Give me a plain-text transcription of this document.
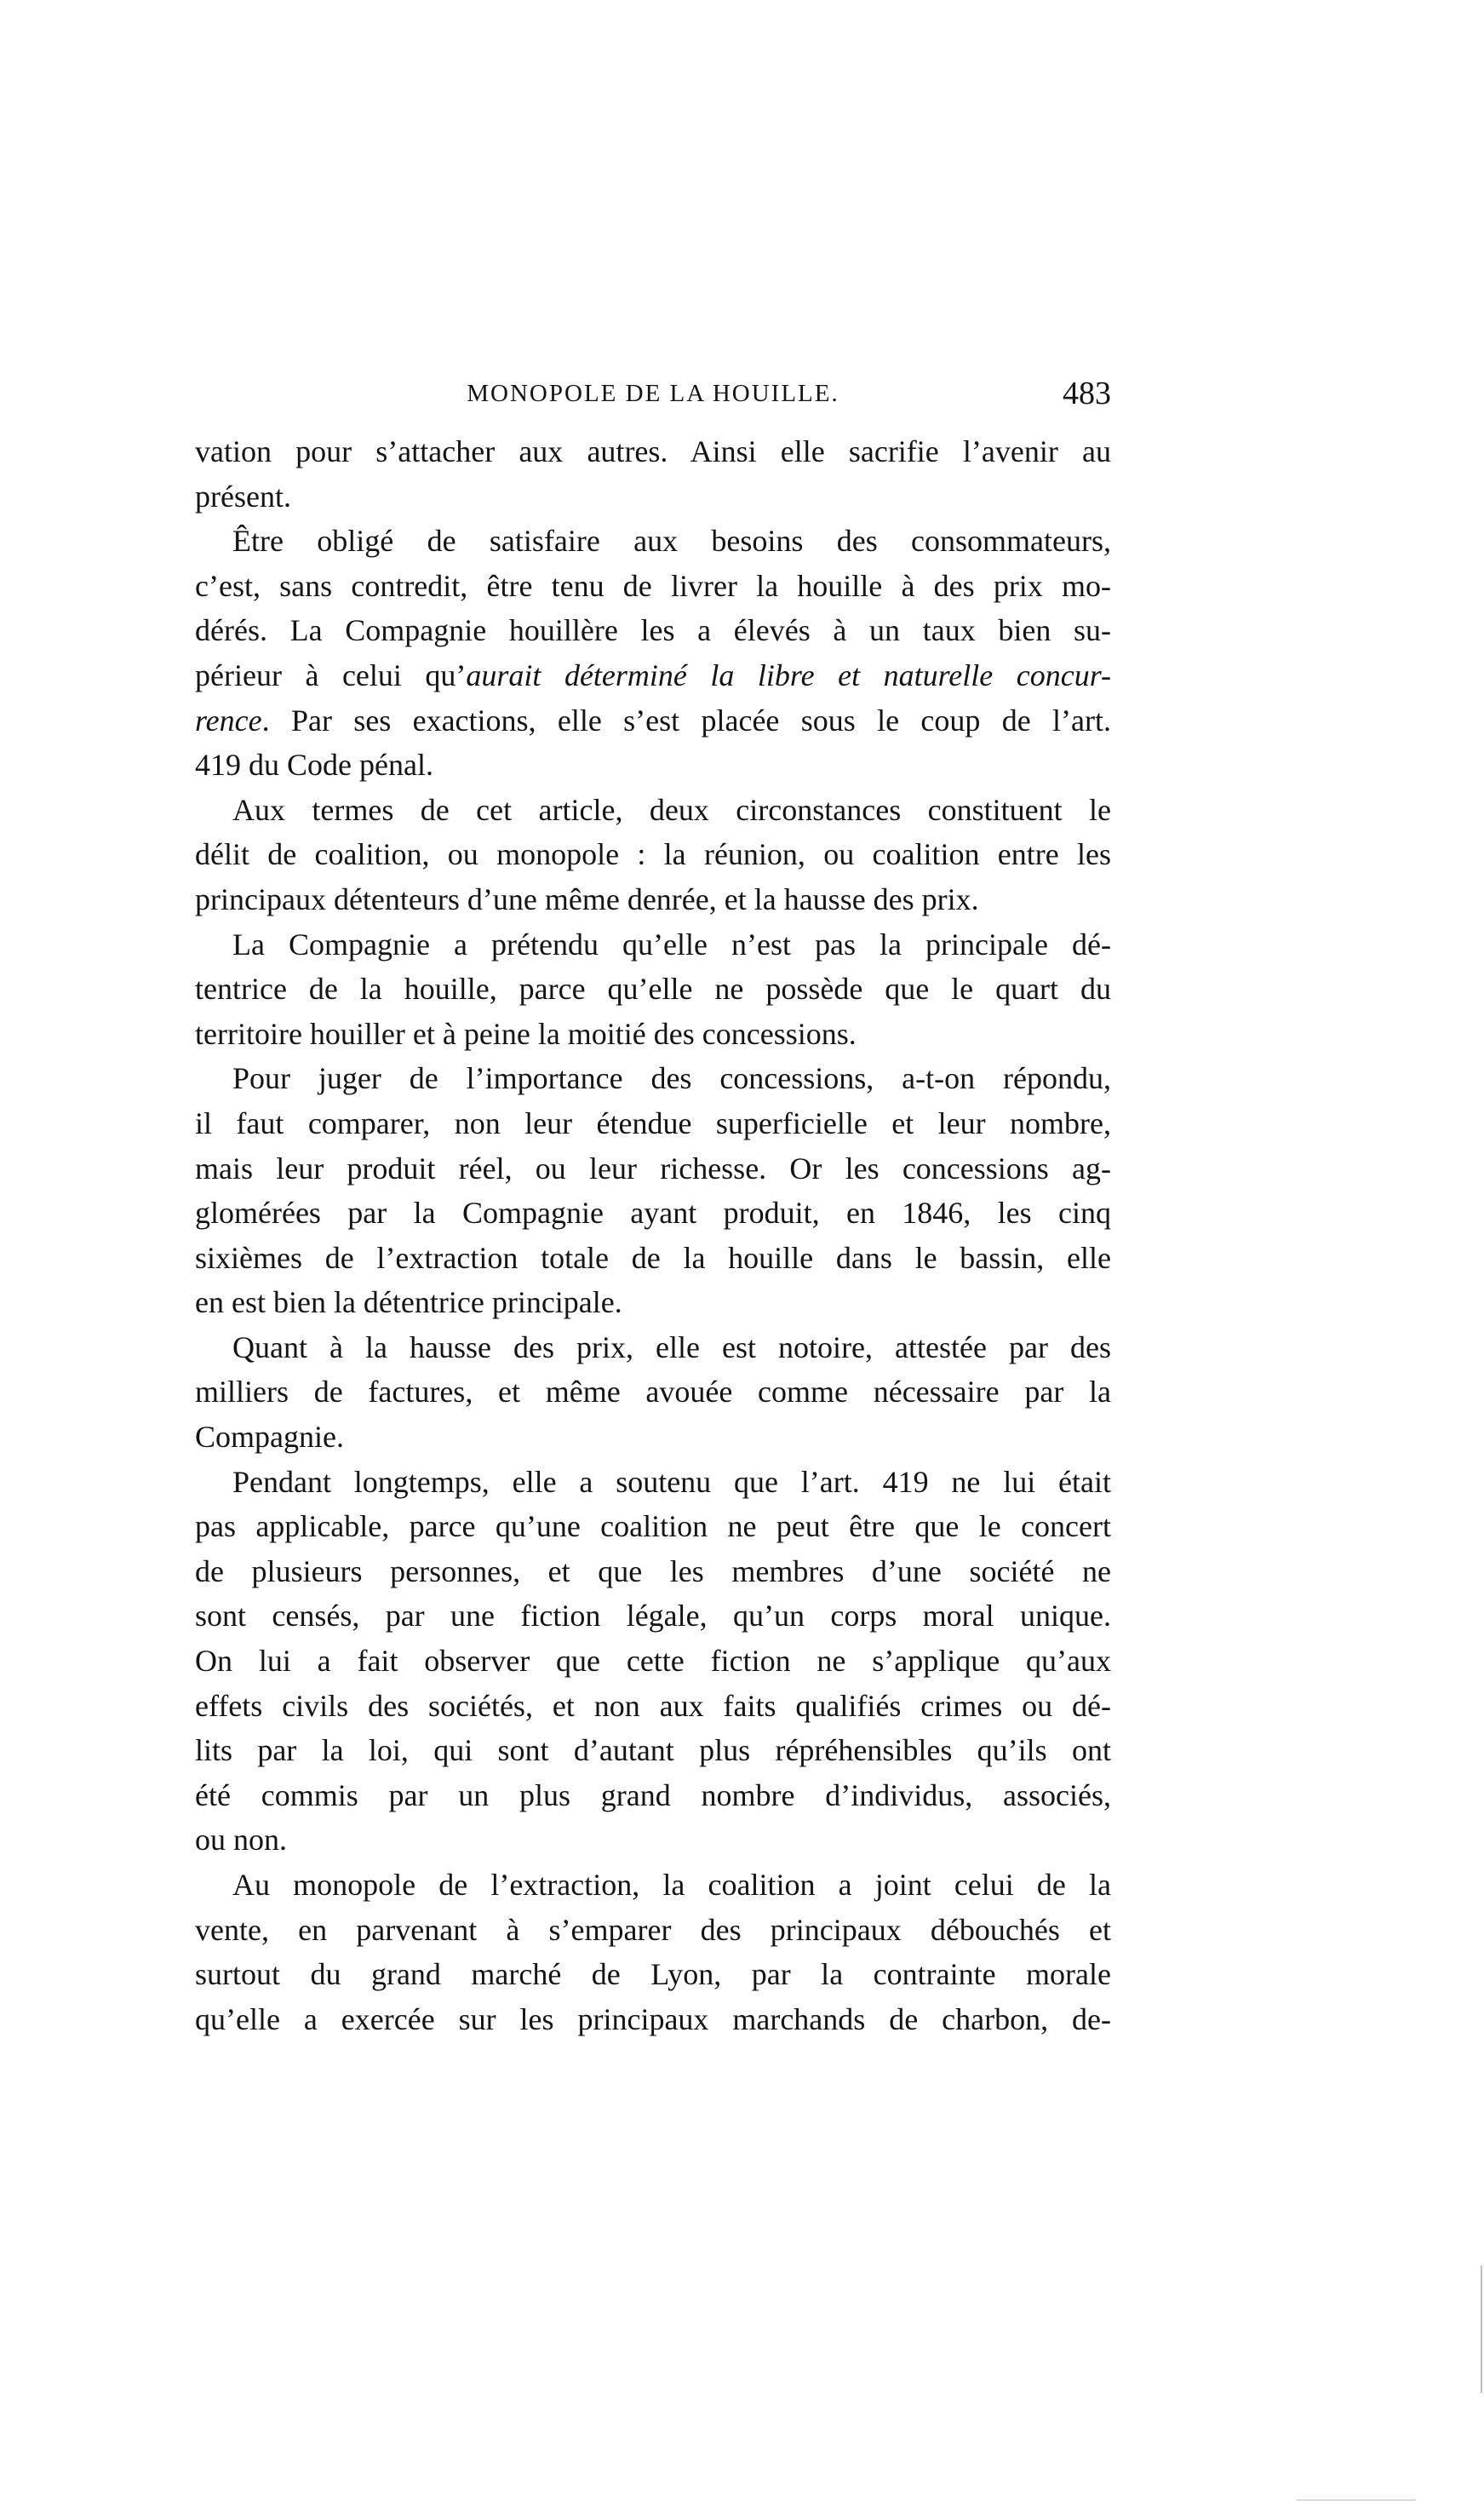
MONOPOLE DE LA HOUILLE.	483
vation pour s’attacher aux autres. Ainsi elle sacrifie l’avenir au
présent.
Être obligé de satisfaire aux besoins des consommateurs,
c’est, sans contredit, être tenu de livrer la houille à des prix mo-
dérés. La Compagnie houillère les a élevés à un taux bien su-
périeur à celui qu’aurait déterminé la libre et naturelle concur-
rence. Par ses exactions, elle s’est placée sous le coup de l’art.
419 du Code pénal.
Aux termes de cet article, deux circonstances constituent le
délit de coalition, ou monopole : la réunion, ou coalition entre les
principaux détenteurs d’une même denrée, et la hausse des prix.
La Compagnie a prétendu qu’elle n’est pas la principale dé-
tentrice de la houille, parce qu’elle ne possède que le quart du
territoire houiller et à peine la moitié des concessions.
Pour juger de l’importance des concessions, a-t-on répondu,
il faut comparer, non leur étendue superficielle et leur nombre,
mais leur produit réel, ou leur richesse. Or les concessions ag-
glomérées par la Compagnie ayant produit, en 1846, les cinq
sixièmes de l’extraction totale de la houille dans le bassin, elle
en est bien la détentrice principale.
Quant à la hausse des prix, elle est notoire, attestée par des
milliers de factures, et même avouée comme nécessaire par la
Compagnie.
Pendant longtemps, elle a soutenu que l’art. 419 ne lui était
pas applicable, parce qu’une coalition ne peut être que le concert
de plusieurs personnes, et que les membres d’une société ne
sont censés, par une fiction légale, qu’un corps moral unique.
On lui a fait observer que cette fiction ne s’applique qu’aux
effets civils des sociétés, et non aux faits qualifiés crimes ou dé-
lits par la loi, qui sont d’autant plus répréhensibles qu’ils ont
été commis par un plus grand nombre d’individus, associés,
ou non.
Au monopole de l’extraction, la coalition a joint celui de la
vente, en parvenant à s’emparer des principaux débouchés et
surtout du grand marché de Lyon, par la contrainte morale
qu’elle a exercée sur les principaux marchands de charbon, de-
